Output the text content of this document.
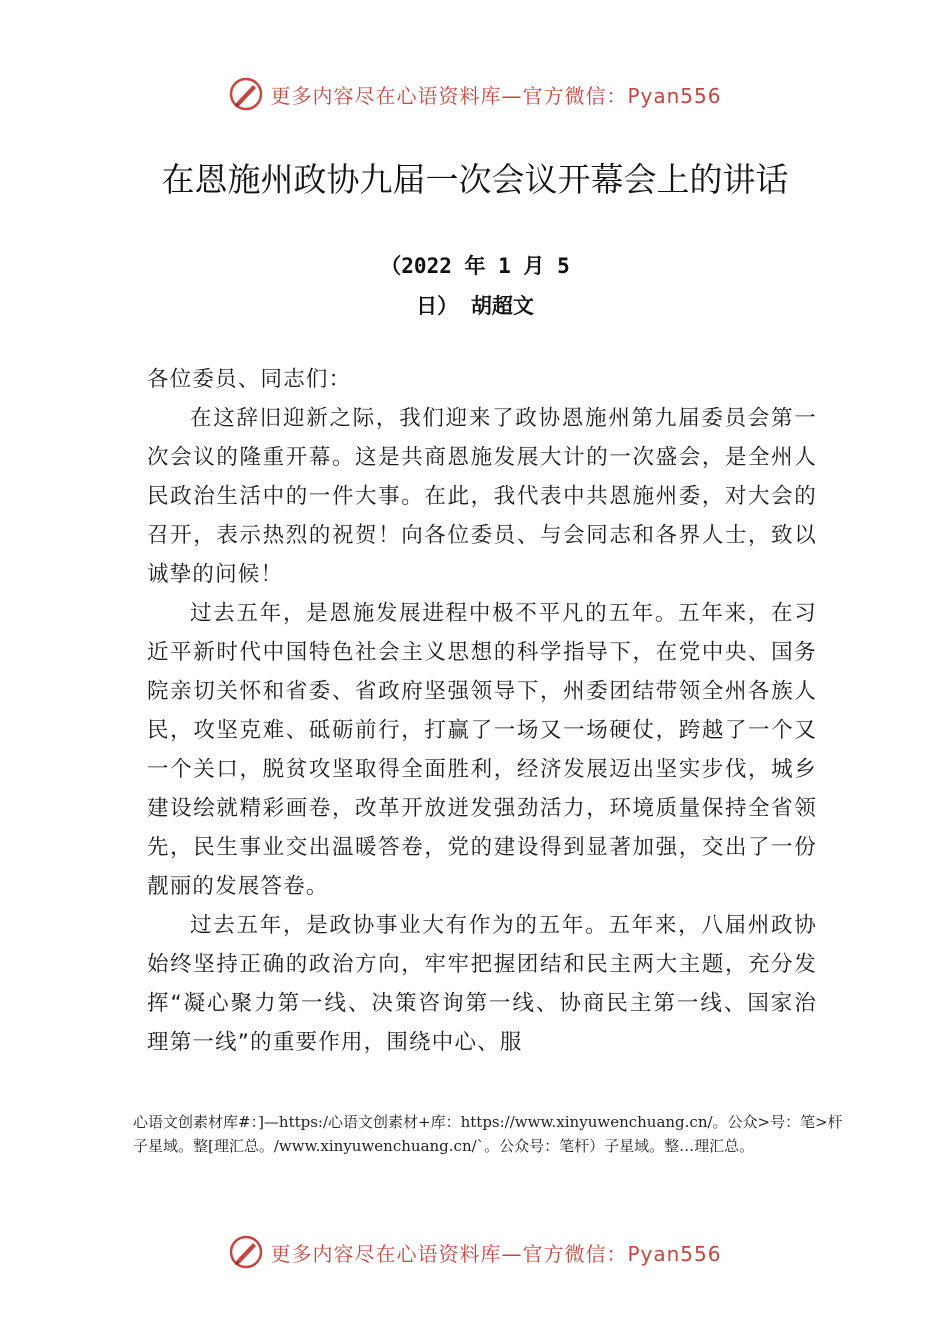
更多内容尽在心语资料库—官方微信：Pyan556
在恩施州政协九届一次会议开幕会上的讲话
（2022 年 1 月 5
日） 胡超文

各位委员、同志们：

在这辞旧迎新之际，我们迎来了政协恩施州第九届委员会第一次会议的隆重开幕。这是共商恩施发展大计的一次盛会，是全州人民政治生活中的一件大事。在此，我代表中共恩施州委，对大会的召开，表示热烈的祝贺！向各位委员、与会同志和各界人士，致以诚挚的问候！

过去五年，是恩施发展进程中极不平凡的五年。五年来，在习近平新时代中国特色社会主义思想的科学指导下，在党中央、国务院亲切关怀和省委、省政府坚强领导下，州委团结带领全州各族人民，攻坚克难、砥砺前行，打赢了一场又一场硬仗，跨越了一个又一个关口，脱贫攻坚取得全面胜利，经济发展迈出坚实步伐，城乡建设绘就精彩画卷，改革开放迸发强劲活力，环境质量保持全省领先，民生事业交出温暖答卷，党的建设得到显著加强，交出了一份靓丽的发展答卷。

过去五年，是政协事业大有作为的五年。五年来，八届州政协始终坚持正确的政治方向，牢牢把握团结和民主两大主题，充分发挥“凝心聚力第一线、决策咨询第一线、协商民主第一线、国家治理第一线”的重要作用，围绕中心、服

心语文创素材库#：]—https:/心语文创素材+库：https://www.xinyuwenchuang.cn/。公众>号：笔>杆子星域。整[理汇总。/www.xinyuwenchuang.cn/`。公众号：笔杆）子星域。整…理汇总。
更多内容尽在心语资料库—官方微信：Pyan556
